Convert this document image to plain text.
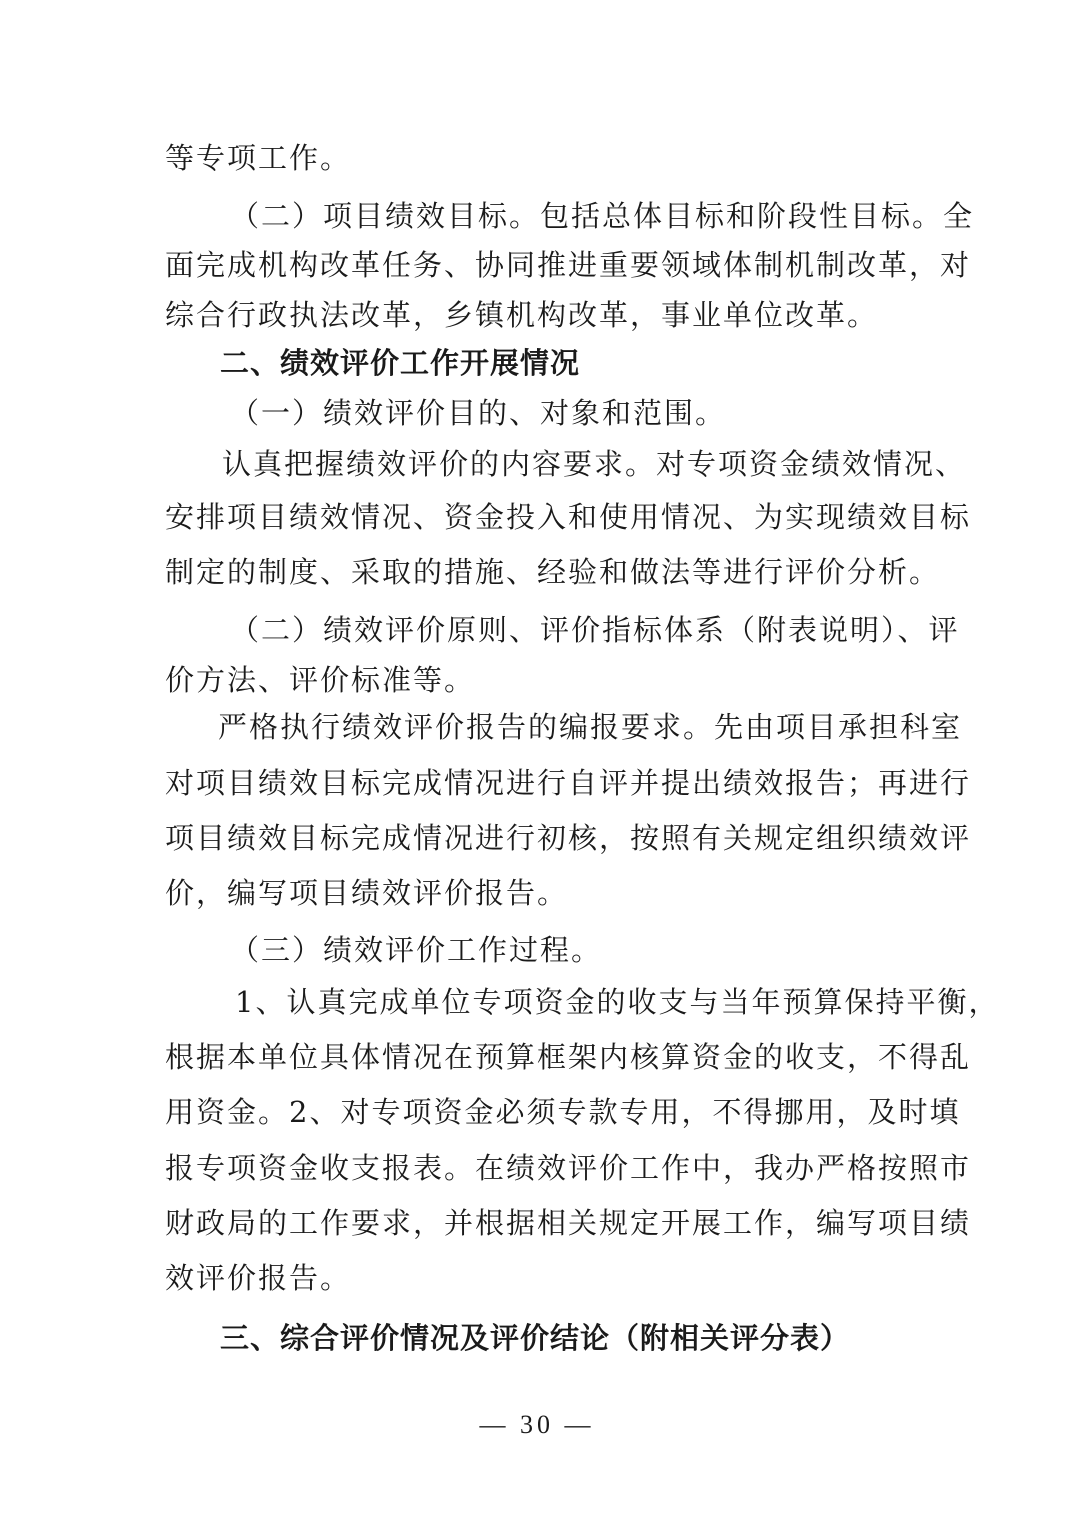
等专项工作。
（二）项目绩效目标。包括总体目标和阶段性目标。全
面完成机构改革任务、协同推进重要领域体制机制改革，对
综合行政执法改革，乡镇机构改革，事业单位改革。
二、绩效评价工作开展情况
（一）绩效评价目的、对象和范围。
认真把握绩效评价的内容要求。对专项资金绩效情况、
安排项目绩效情况、资金投入和使用情况、为实现绩效目标
制定的制度、采取的措施、经验和做法等进行评价分析。
（二）绩效评价原则、评价指标体系（附表说明）、评
价方法、评价标准等。
严格执行绩效评价报告的编报要求。先由项目承担科室
对项目绩效目标完成情况进行自评并提出绩效报告；再进行
项目绩效目标完成情况进行初核，按照有关规定组织绩效评
价，编写项目绩效评价报告。
（三）绩效评价工作过程。
1、认真完成单位专项资金的收支与当年预算保持平衡，
根据本单位具体情况在预算框架内核算资金的收支，不得乱
用资金。2、对专项资金必须专款专用，不得挪用，及时填
报专项资金收支报表。在绩效评价工作中，我办严格按照市
财政局的工作要求，并根据相关规定开展工作，编写项目绩
效评价报告。
三、综合评价情况及评价结论（附相关评分表）
— 30 —
